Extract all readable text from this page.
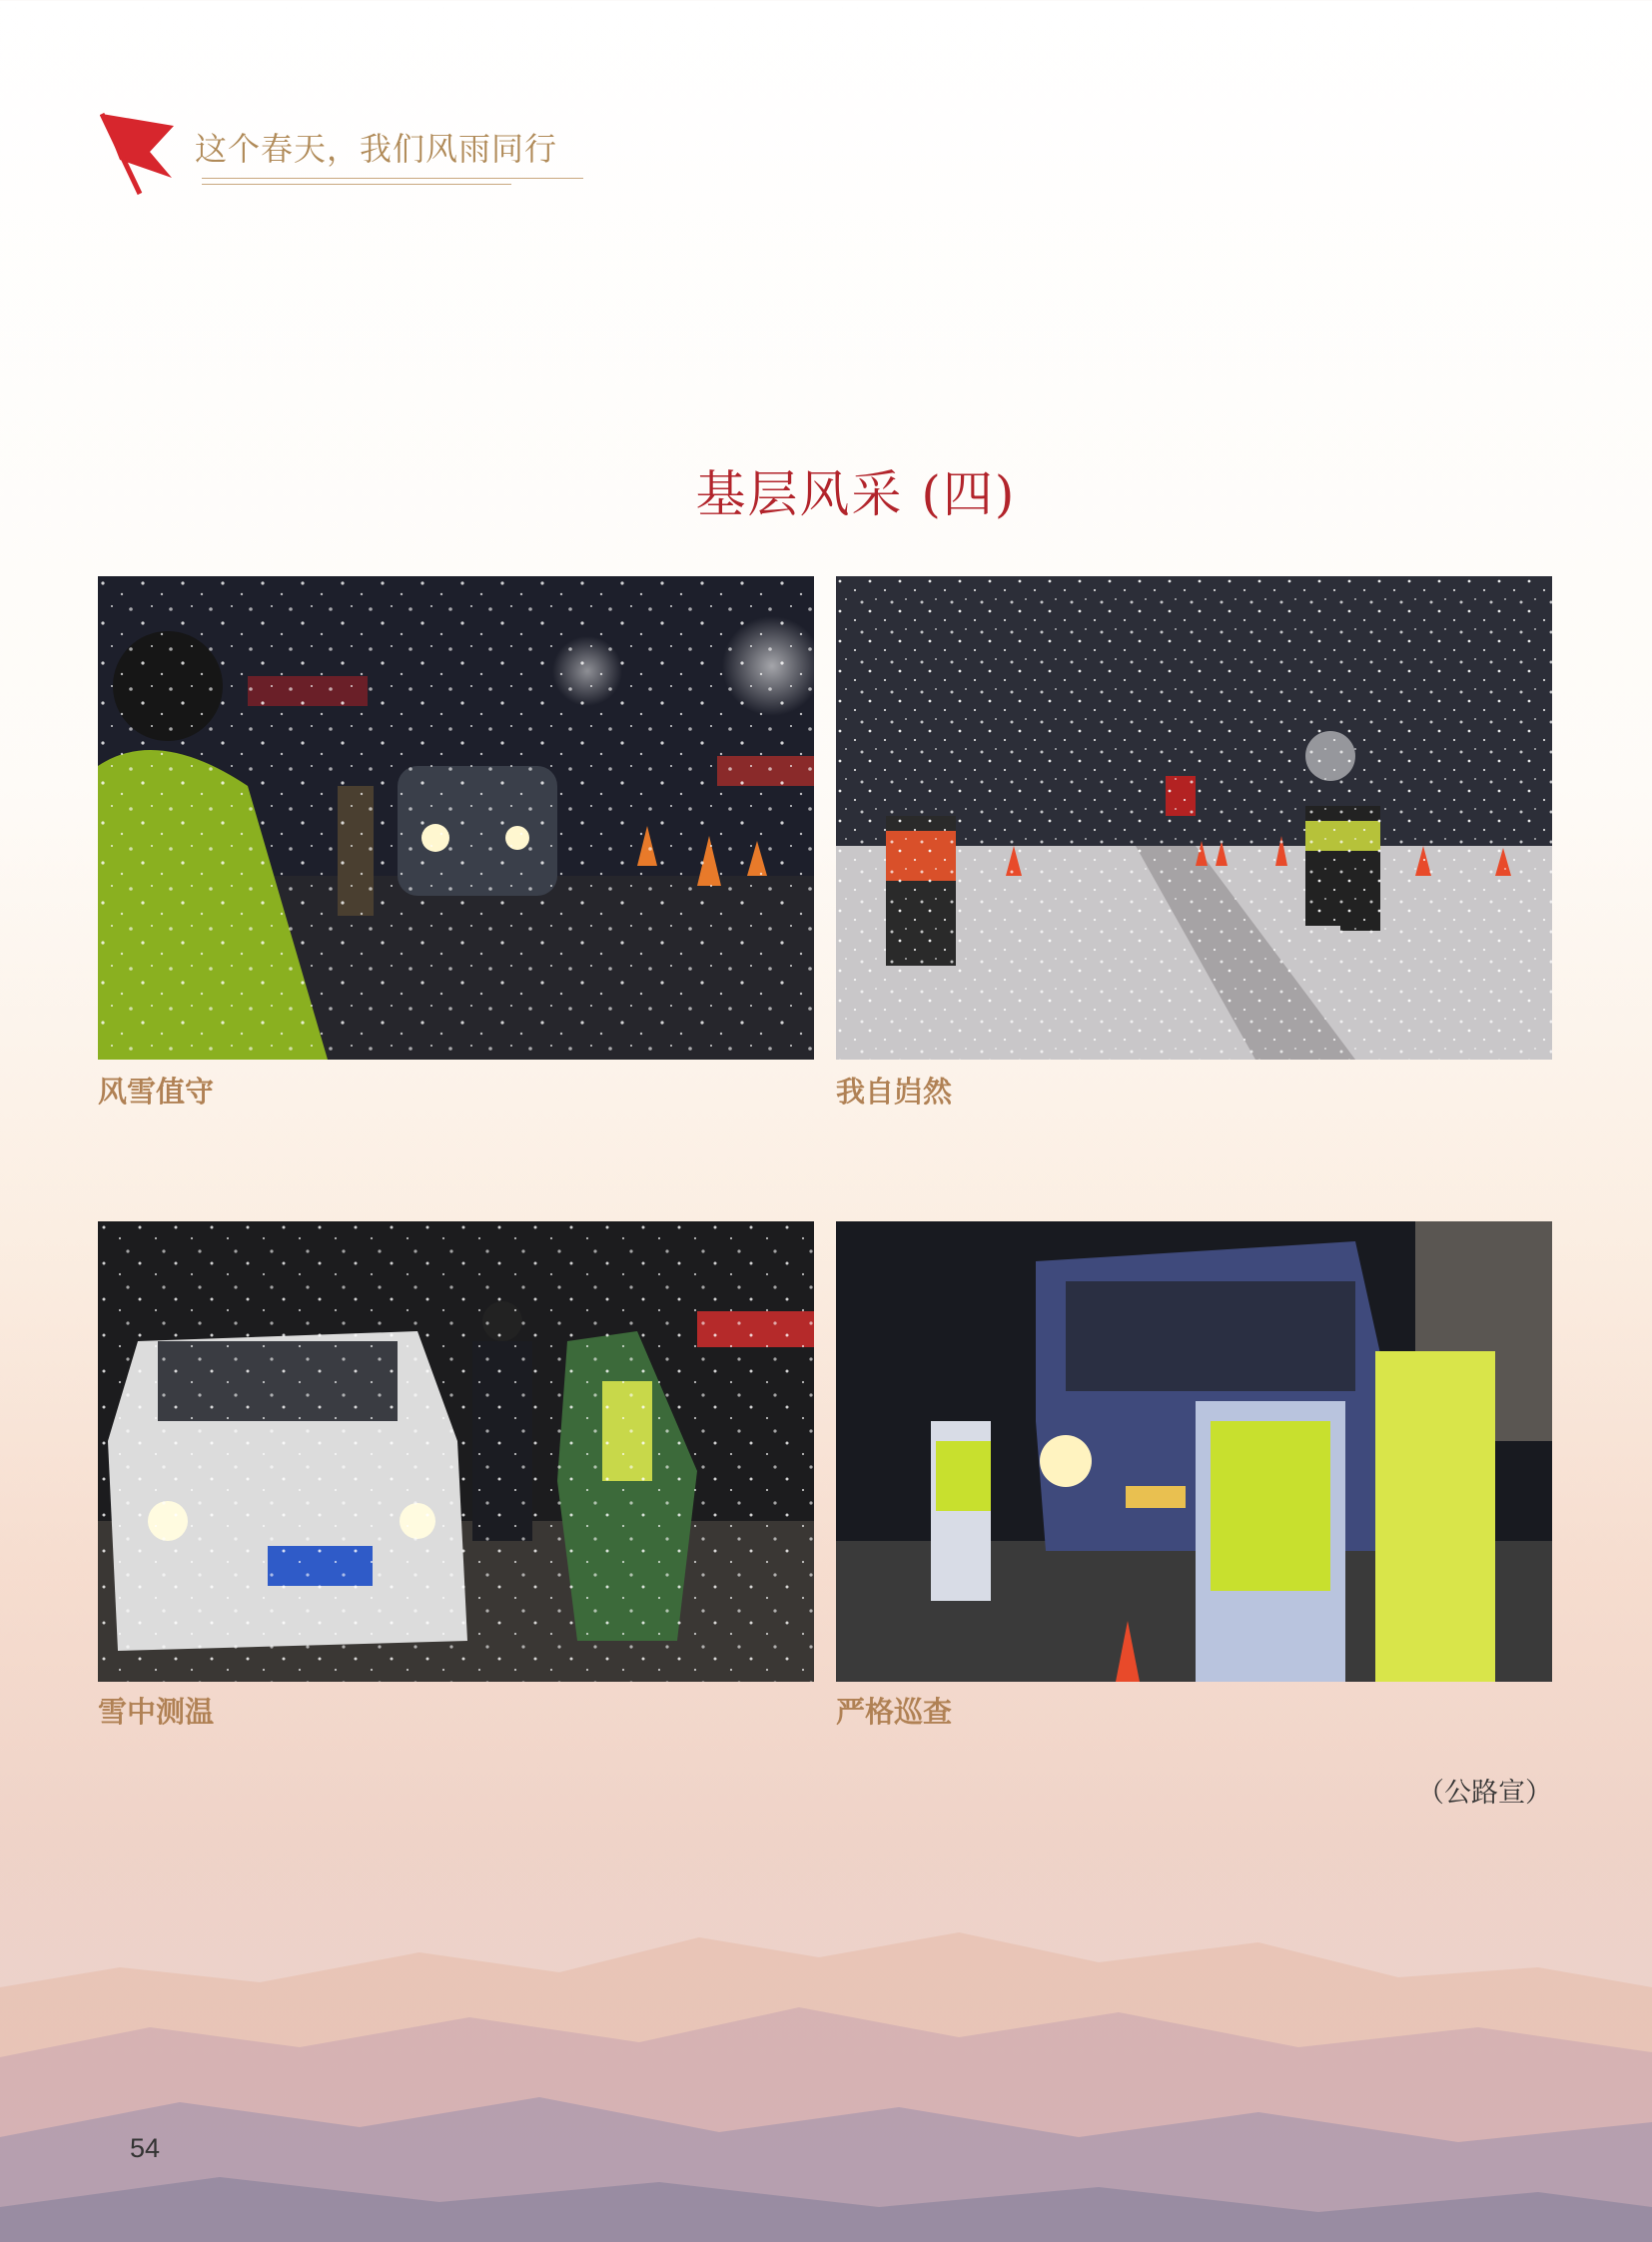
这个春天，我们风雨同行
基层风采 (四)
风雪值守	我自岿然
雪中测温	严格巡查
（公路宣）
54
